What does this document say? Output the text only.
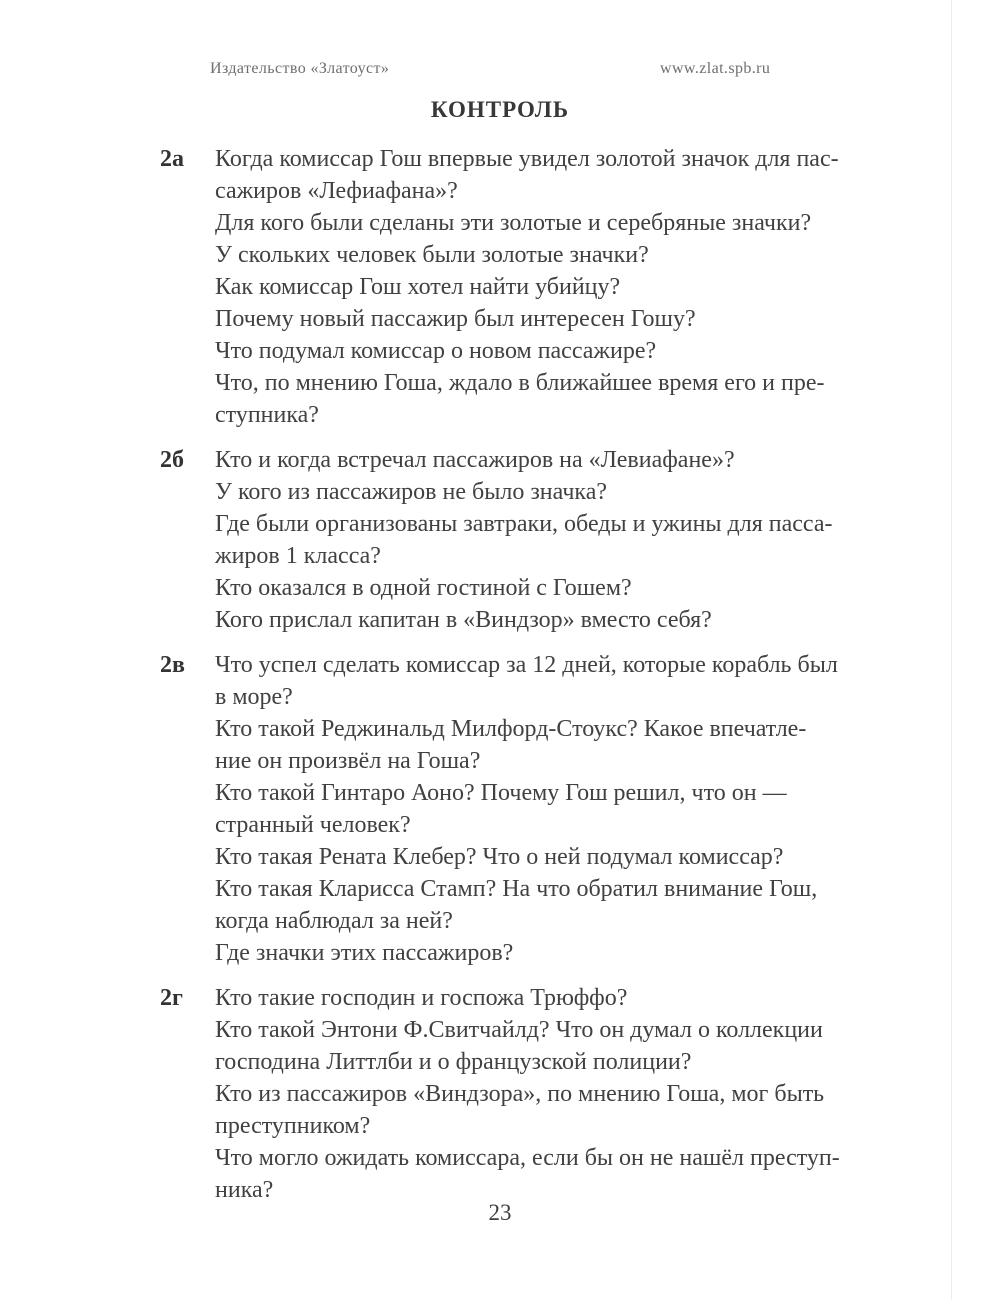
Издательство «Златоуст»	www.zlat.spb.ru
КОНТРОЛЬ
2а	Когда комиссар Гош впервые увидел золотой значок для пас-
сажиров «Лефиафана»?
Для кого были сделаны эти золотые и серебряные значки?
У скольких человек были золотые значки?
Как комиссар Гош хотел найти убийцу?
Почему новый пассажир был интересен Гошу?
Что подумал комиссар о новом пассажире?
Что, по мнению Гоша, ждало в ближайшее время его и пре-
ступника?
2б	Кто и когда встречал пассажиров на «Левиафане»?
У кого из пассажиров не было значка?
Где были организованы завтраки, обеды и ужины для пасса-
жиров 1 класса?
Кто оказался в одной гостиной с Гошем?
Кого прислал капитан в «Виндзор» вместо себя?
2в	Что успел сделать комиссар за 12 дней, которые корабль был
в море?
Кто такой Реджинальд Милфорд-Стоукс? Какое впечатле-
ние он произвёл на Гоша?
Кто такой Гинтаро Аоно? Почему Гош решил, что он —
странный человек?
Кто такая Рената Клебер? Что о ней подумал комиссар?
Кто такая Кларисса Стамп? На что обратил внимание Гош,
когда наблюдал за ней?
Где значки этих пассажиров?
2г	Кто такие господин и госпожа Трюффо?
Кто такой Энтони Ф.Свитчайлд? Что он думал о коллекции
господина Литтлби и о французской полиции?
Кто из пассажиров «Виндзора», по мнению Гоша, мог быть
преступником?
Что могло ожидать комиссара, если бы он не нашёл преступ-
ника?
23
